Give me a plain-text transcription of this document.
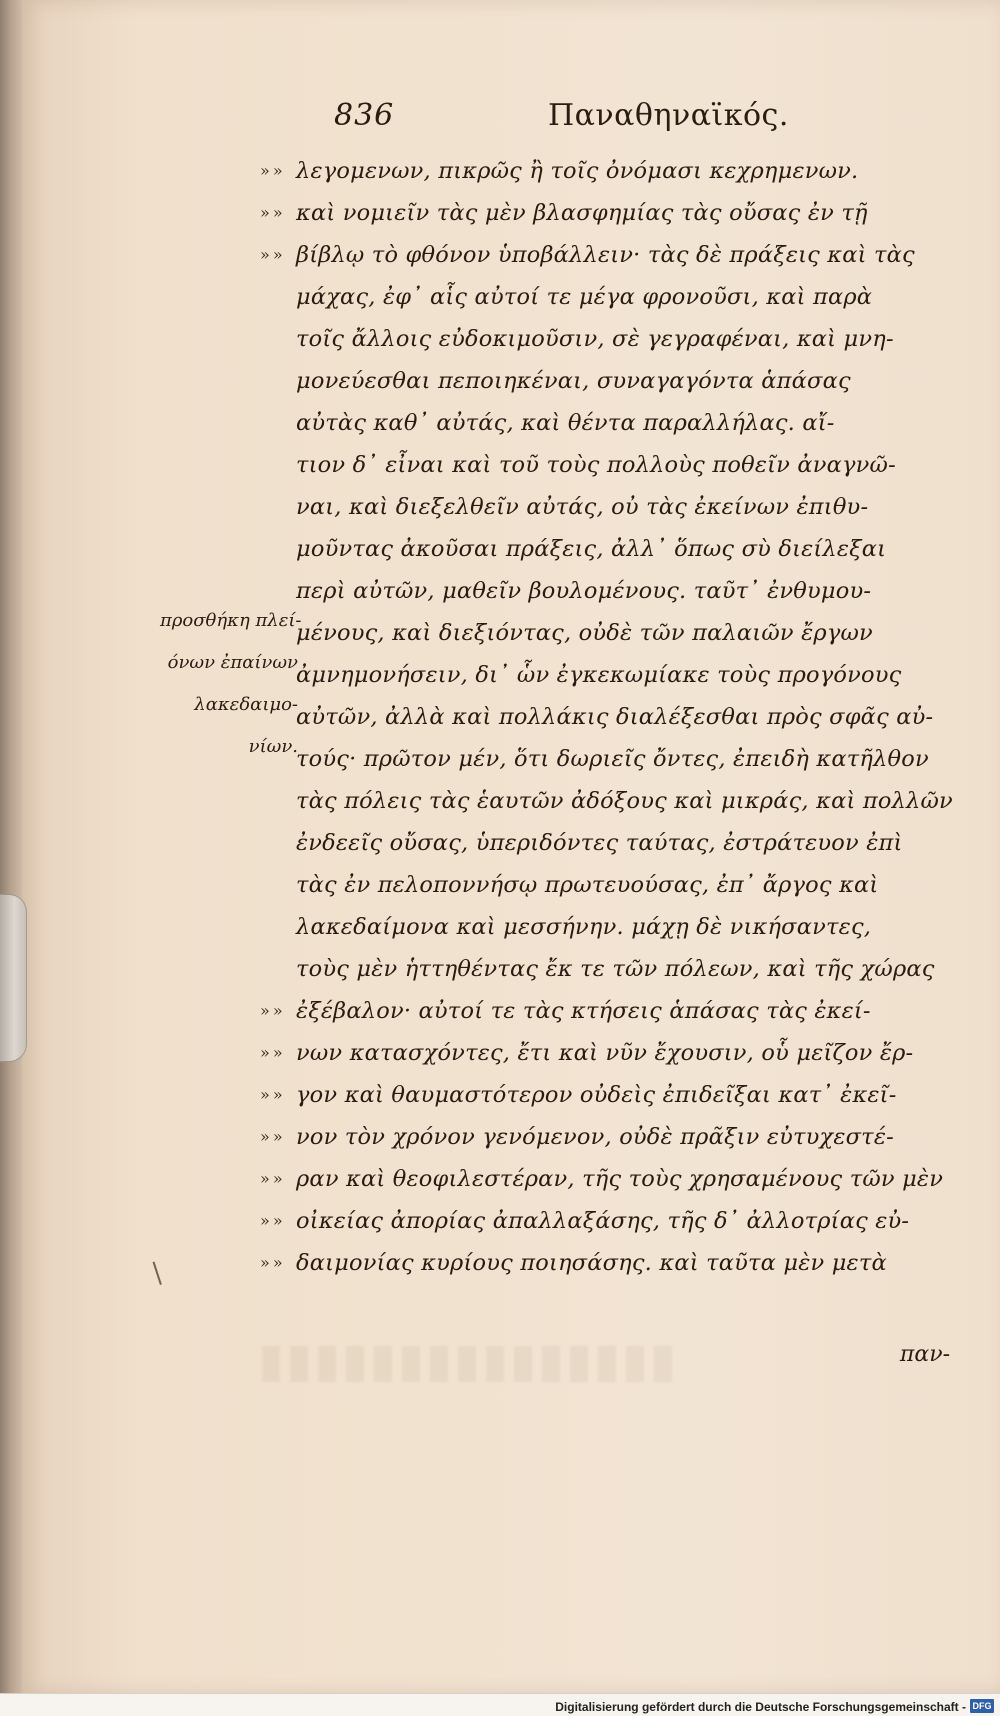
836	Παναθηναϊκός.
προσθήκη πλεί-
όνων ἐπαίνων
λακεδαιμο-
νίων.
» » λεγομενων, πικρῶς ἢ τοῖς ὀνόμασι κεχρημενων.
» » καὶ νομιεῖν τὰς μὲν βλασφημίας τὰς οὔσας ἐν τῇ
» » βίβλῳ τὸ φθόνον ὑποβάλλειν· τὰς δὲ πράξεις καὶ τὰς
μάχας, ἐφ᾽ αἷς αὐτοί τε μέγα φρονοῦσι, καὶ παρὰ
τοῖς ἄλλοις εὐδοκιμοῦσιν, σὲ γεγραφέναι, καὶ μνη-
μονεύεσθαι πεποιηκέναι, συναγαγόντα ἁπάσας
αὐτὰς καθ᾽ αὐτάς, καὶ θέντα παραλλήλας. αἴ-
τιον δ᾽ εἶναι καὶ τοῦ τοὺς πολλοὺς ποθεῖν ἀναγνῶ-
ναι, καὶ διεξελθεῖν αὐτάς, οὐ τὰς ἐκείνων ἐπιθυ-
μοῦντας ἀκοῦσαι πράξεις, ἀλλ᾽ ὅπως σὺ διείλεξαι
περὶ αὐτῶν, μαθεῖν βουλομένους. ταῦτ᾽ ἐνθυμου-
μένους, καὶ διεξιόντας, οὐδὲ τῶν παλαιῶν ἔργων
ἀμνημονήσειν, δι᾽ ὧν ἐγκεκωμίακε τοὺς προγόνους
αὐτῶν, ἀλλὰ καὶ πολλάκις διαλέξεσθαι πρὸς σφᾶς αὐ-
τούς· πρῶτον μέν, ὅτι δωριεῖς ὄντες, ἐπειδὴ κατῆλθον
τὰς πόλεις τὰς ἑαυτῶν ἀδόξους καὶ μικράς, καὶ πολλῶν
ἐνδεεῖς οὔσας, ὑπεριδόντες ταύτας, ἐστράτευον ἐπὶ
τὰς ἐν πελοποννήσῳ πρωτευούσας, ἐπ᾽ ἄργος καὶ
λακεδαίμονα καὶ μεσσήνην. μάχῃ δὲ νικήσαντες,
τοὺς μὲν ἡττηθέντας ἔκ τε τῶν πόλεων, καὶ τῆς χώρας
» » ἐξέβαλον· αὐτοί τε τὰς κτήσεις ἁπάσας τὰς ἐκεί-
» » νων κατασχόντες, ἔτι καὶ νῦν ἔχουσιν, οὗ μεῖζον ἔρ-
» » γον καὶ θαυμαστότερον οὐδεὶς ἐπιδεῖξαι κατ᾽ ἐκεῖ-
» » νον τὸν χρόνον γενόμενον, οὐδὲ πρᾶξιν εὐτυχεστέ-
» » ραν καὶ θεοφιλεστέραν, τῆς τοὺς χρησαμένους τῶν μὲν
» » οἰκείας ἀπορίας ἀπαλλαξάσης, τῆς δ᾽ ἀλλοτρίας εὐ-
» » δαιμονίας κυρίους ποιησάσης. καὶ ταῦτα μὲν μετὰ
παν-
Digitalisierung gefördert durch die Deutsche Forschungsgemeinschaft - DFG
